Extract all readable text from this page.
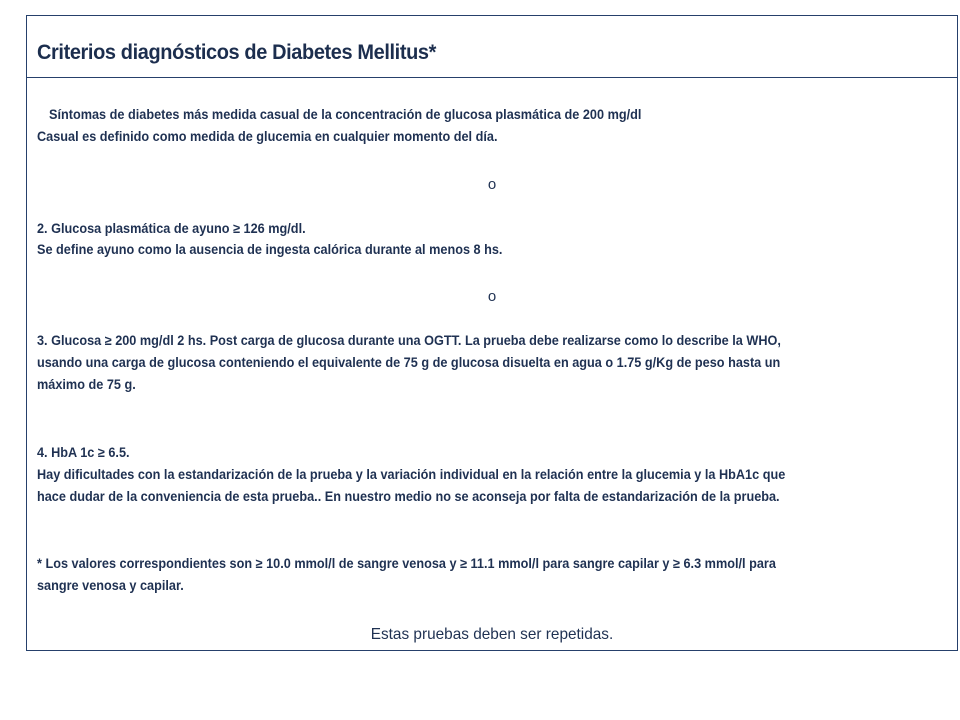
Criterios diagnósticos de Diabetes Mellitus*
Síntomas de diabetes más medida casual de la concentración de glucosa plasmática de 200 mg/dl
Casual es definido como medida de glucemia en cualquier momento del día.
o
2. Glucosa plasmática de ayuno ≥ 126 mg/dl.
Se define ayuno como la ausencia de ingesta calórica durante al menos 8 hs.
o
3. Glucosa ≥ 200 mg/dl 2 hs. Post carga de glucosa durante una OGTT. La prueba debe realizarse como lo describe la WHO,
usando una carga de glucosa conteniendo el equivalente de 75 g de glucosa disuelta en agua o 1.75 g/Kg de peso hasta un
máximo de 75 g.
4. HbA 1c ≥ 6.5.
Hay dificultades con la estandarización de la prueba y la variación individual en la relación entre la glucemia y la HbA1c que
hace dudar de la conveniencia de esta prueba.. En nuestro medio no se aconseja por falta de estandarización de la prueba.
* Los valores correspondientes son ≥ 10.0 mmol/l de sangre venosa y ≥ 11.1 mmol/l para sangre capilar y ≥ 6.3 mmol/l para
sangre venosa y capilar.
Estas pruebas deben ser repetidas.
